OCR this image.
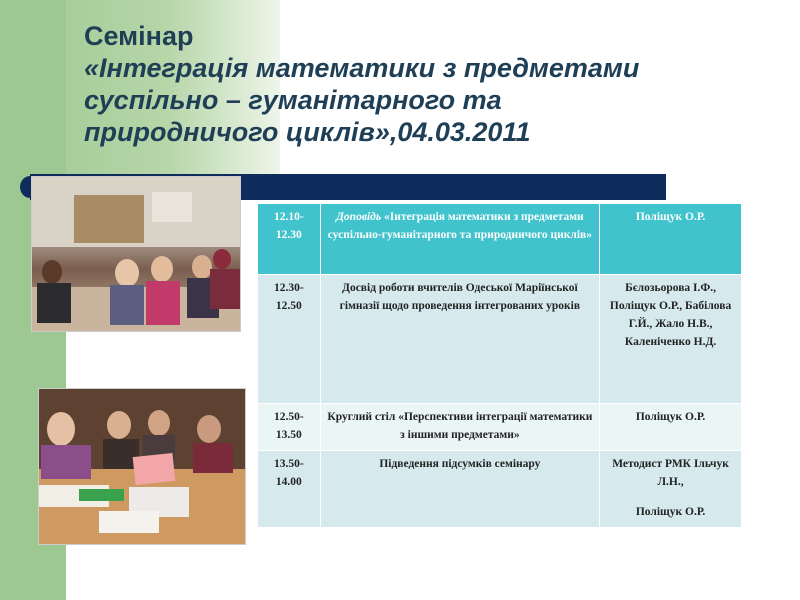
Семінар
«Інтеграція математики з предметами
суспільно – гуманітарного та
природничого циклів»,04.03.2011
12.10-12.30	Доповідь «Інтеграція математики з предметами суспільно-гуманітарного та природничого циклів»	Поліщук О.Р.
12.30-12.50	Досвід роботи вчителів Одеської Маріїнської гімназії щодо проведення інтегрованих уроків	Бєлозьорова І.Ф., Поліщук О.Р., Бабілова Г.Й., Жало Н.В., Каленіченко Н.Д.
12.50-13.50	Круглий стіл «Перспективи інтеграції математики з іншими предметами»	Поліщук О.Р.
13.50-14.00	Підведення підсумків семінару	Методист РМК Ільчук Л.Н.,
Поліщук О.Р.
